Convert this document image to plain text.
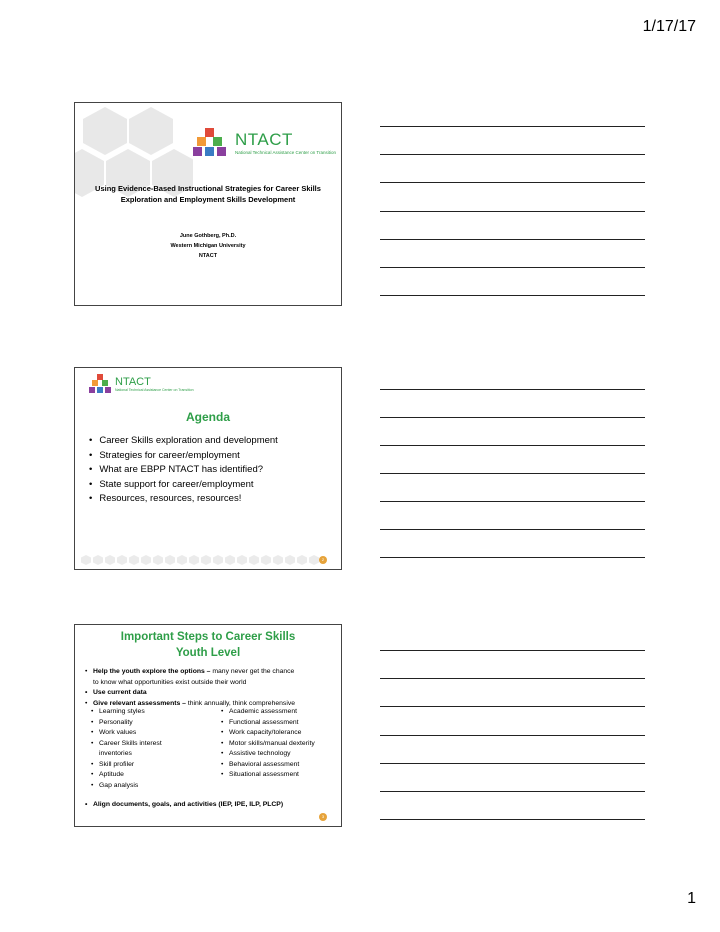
1/17/17
NTACT
National Technical Assistance Center on Transition
Using Evidence-Based Instructional Strategies for Career Skills
Exploration and Employment Skills Development
June Gothberg, Ph.D.
Western Michigan University
NTACT
NTACT
National Technical Assistance Center on Transition
Agenda
• Career Skills exploration and development
• Strategies for career/employment
• What are EBPP NTACT has identified?
• State support for career/employment
• Resources, resources, resources!
2
Important Steps to Career Skills
Youth Level
• Help the youth explore the options – many never get the chance
to know what opportunities exist outside their world
• Use current data
• Give relevant assessments – think annually, think comprehensive
• Learning styles
• Personality
• Work values
• Career Skills interest
inventories
• Skill profiler
• Aptitude
• Gap analysis
• Academic assessment
• Functional assessment
• Work capacity/tolerance
• Motor skills/manual dexterity
• Assistive technology
• Behavioral assessment
• Situational assessment
• Align documents, goals, and activities (IEP, IPE, ILP, PLCP)
3
1
